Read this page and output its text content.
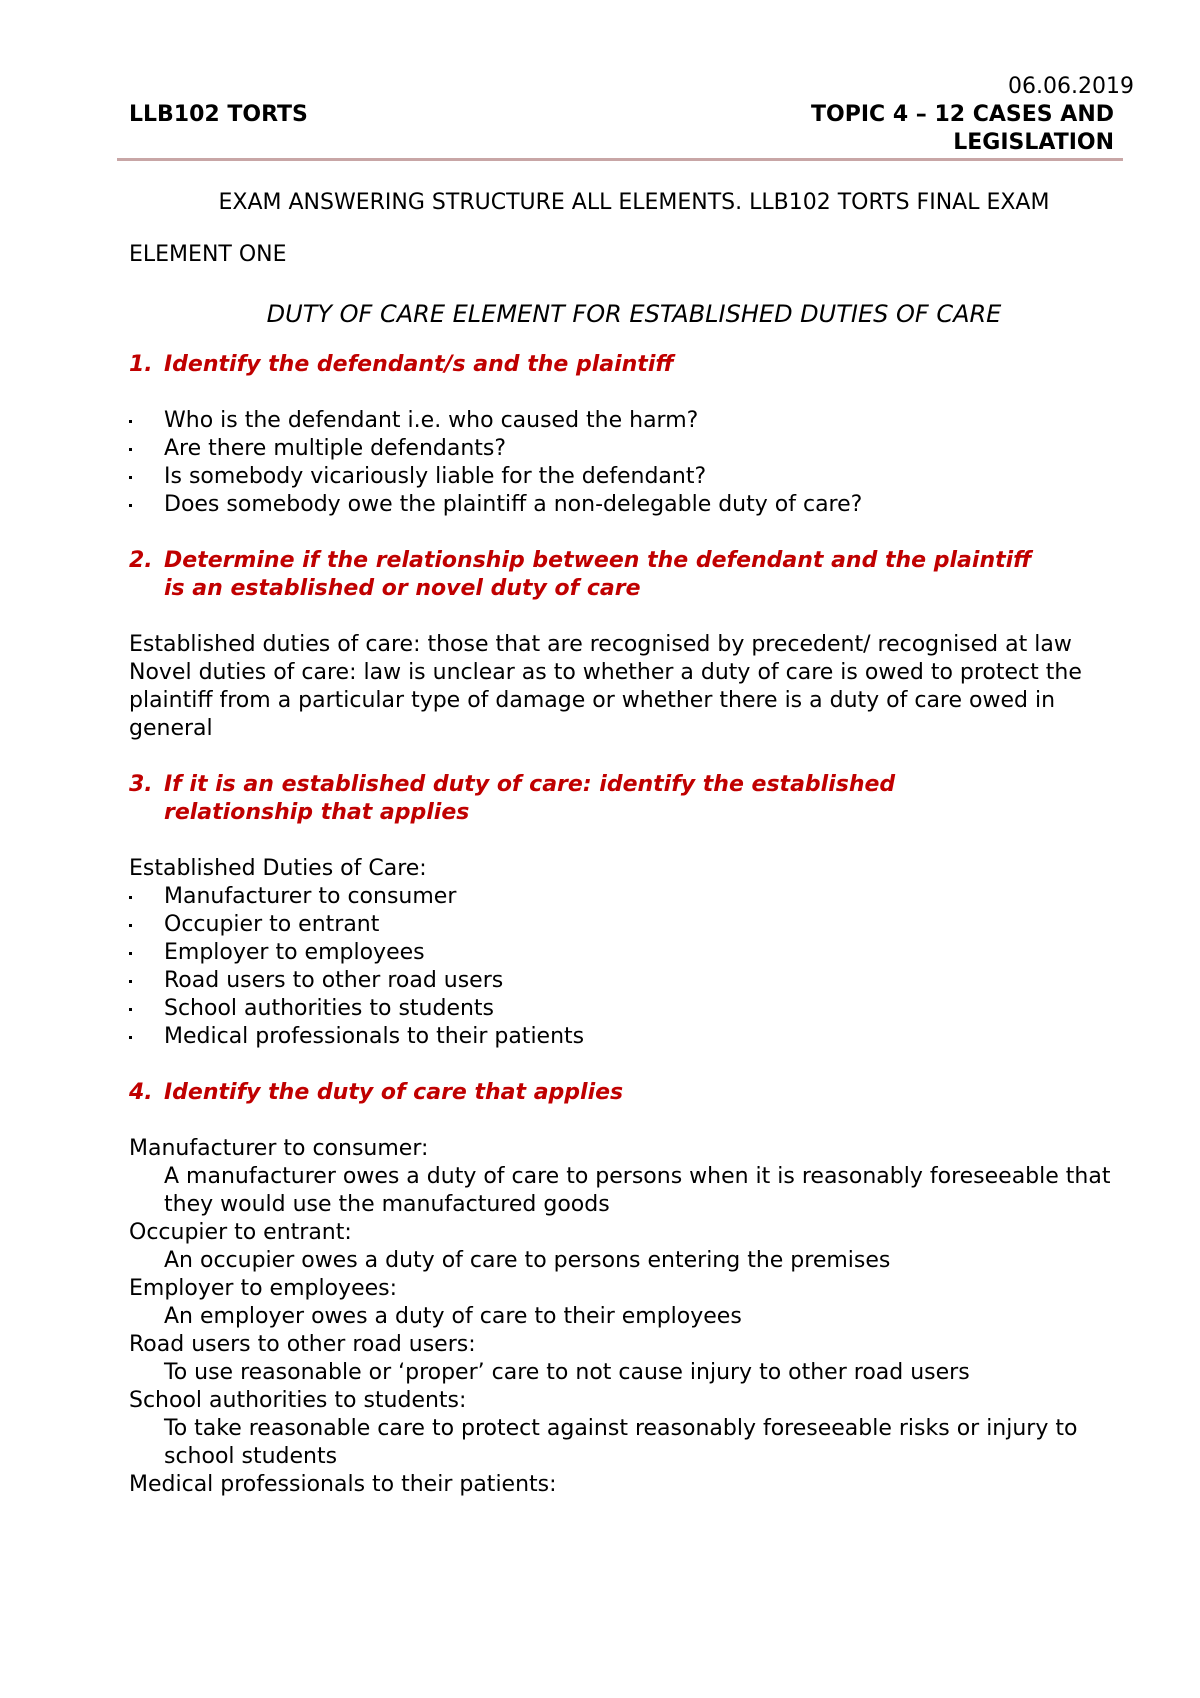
06.06.2019
LLB102 TORTS	TOPIC 4 – 12 CASES AND
LEGISLATION

EXAM ANSWERING STRUCTURE ALL ELEMENTS. LLB102 TORTS FINAL EXAM

ELEMENT ONE

DUTY OF CARE ELEMENT FOR ESTABLISHED DUTIES OF CARE

1. Identify the defendant/s and the plaintiff
Who is the defendant i.e. who caused the harm?
Are there multiple defendants?
Is somebody vicariously liable for the defendant?
Does somebody owe the plaintiff a non-delegable duty of care?
2. Determine if the relationship between the defendant and the plaintiff
is an established or novel duty of care

Established duties of care: those that are recognised by precedent/ recognised at law

Novel duties of care: law is unclear as to whether a duty of care is owed to protect the plaintiff from a particular type of damage or whether there is a duty of care owed in general

3. If it is an established duty of care: identify the established
relationship that applies

Established Duties of Care:

Manufacturer to consumer
Occupier to entrant
Employer to employees
Road users to other road users
School authorities to students
Medical professionals to their patients
4. Identify the duty of care that applies

Manufacturer to consumer:

A manufacturer owes a duty of care to persons when it is reasonably foreseeable that they would use the manufactured goods

Occupier to entrant:

An occupier owes a duty of care to persons entering the premises

Employer to employees:

An employer owes a duty of care to their employees

Road users to other road users:

To use reasonable or ‘proper’ care to not cause injury to other road users

School authorities to students:

To take reasonable care to protect against reasonably foreseeable risks or injury to school students

Medical professionals to their patients:
